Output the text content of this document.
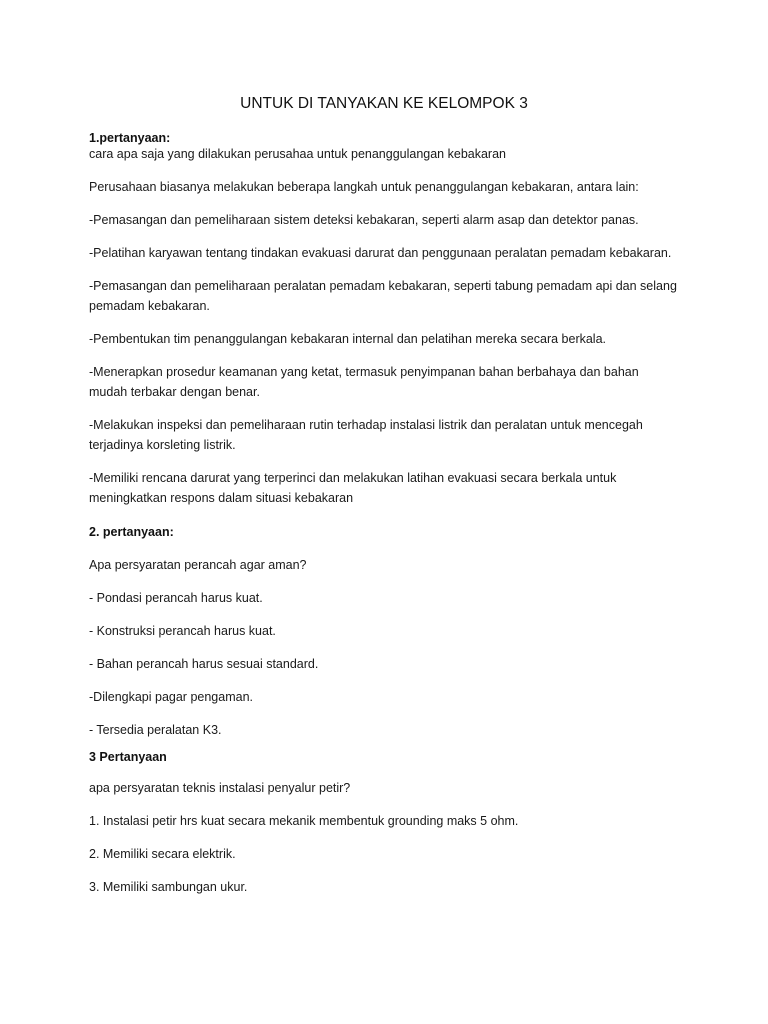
UNTUK DI TANYAKAN KE KELOMPOK 3
1.pertanyaan:

cara apa saja yang dilakukan perusahaa untuk penanggulangan kebakaran

Perusahaan biasanya melakukan beberapa langkah untuk penanggulangan kebakaran, antara lain:

-Pemasangan dan pemeliharaan sistem deteksi kebakaran, seperti alarm asap dan detektor panas.

-Pelatihan karyawan tentang tindakan evakuasi darurat dan penggunaan peralatan pemadam kebakaran.

-Pemasangan dan pemeliharaan peralatan pemadam kebakaran, seperti tabung pemadam api dan selang pemadam kebakaran.

-Pembentukan tim penanggulangan kebakaran internal dan pelatihan mereka secara berkala.

-Menerapkan prosedur keamanan yang ketat, termasuk penyimpanan bahan berbahaya dan bahan mudah terbakar dengan benar.

-Melakukan inspeksi dan pemeliharaan rutin terhadap instalasi listrik dan peralatan untuk mencegah terjadinya korsleting listrik.

-Memiliki rencana darurat yang terperinci dan melakukan latihan evakuasi secara berkala untuk meningkatkan respons dalam situasi kebakaran

2. pertanyaan:

Apa persyaratan perancah agar aman?

- Pondasi perancah harus kuat.

- Konstruksi perancah harus kuat.

- Bahan perancah harus sesuai standard.

-Dilengkapi pagar pengaman.

- Tersedia peralatan K3.

3 Pertanyaan

apa persyaratan teknis instalasi penyalur petir?

1. Instalasi petir hrs kuat secara mekanik membentuk grounding maks 5 ohm.

2. Memiliki secara elektrik.

3. Memiliki sambungan ukur.
